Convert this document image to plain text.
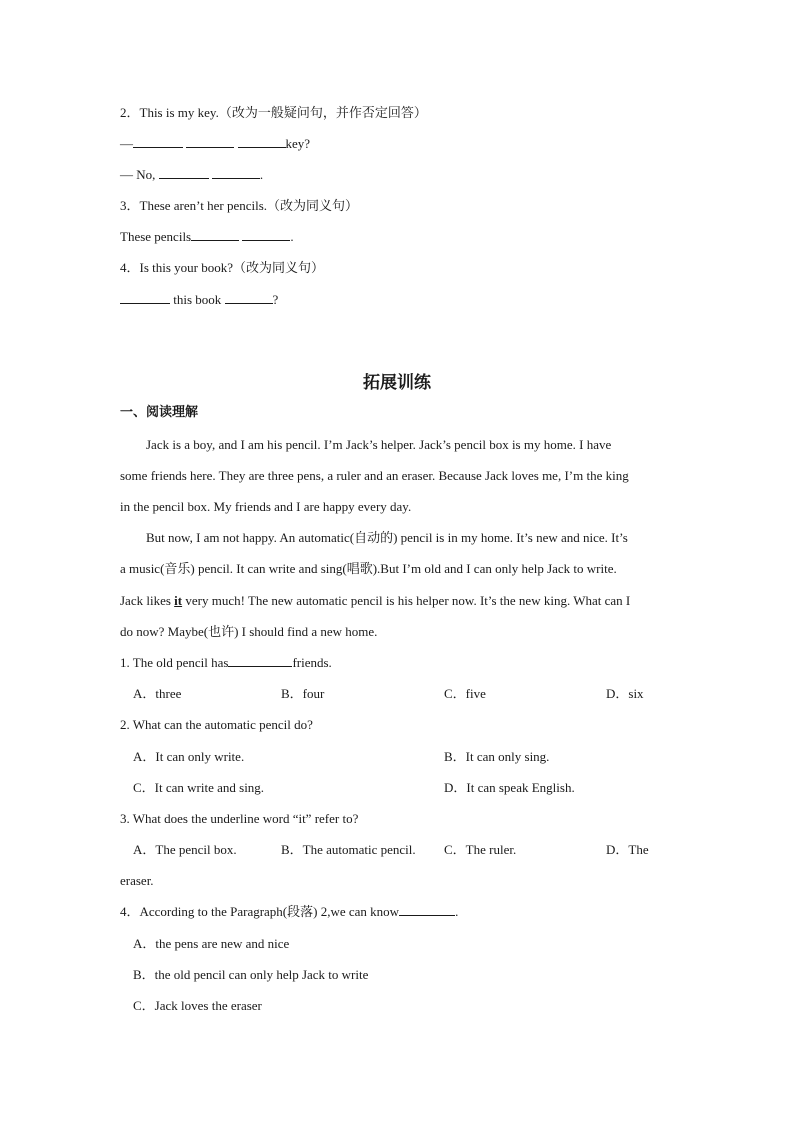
2．This is my key.（改为一般疑问句，并作否定回答）
—	key?
— No,	.
3．These aren’t her pencils.（改为同义句）
These pencils	.
4．Is this your book?（改为同义句）
this book	?
拓展训练
一、阅读理解
Jack is a boy, and I am his pencil. I’m Jack’s helper. Jack’s pencil box is my home. I have
some friends here. They are three pens, a ruler and an eraser. Because Jack loves me, I’m the king
in the pencil box. My friends and I are happy every day.
But now, I am not happy. An automatic(自动的) pencil is in my home. It’s new and nice. It’s
a music(音乐) pencil. It can write and sing(唱歌).But I’m old and I can only help Jack to write.
Jack likes it very much! The new automatic pencil is his helper now. It’s the new king. What can I
do now? Maybe(也许) I should find a new home.
1. The old pencil has	friends.
A．three	B．four	C．five	D．six
2. What can the automatic pencil do?
A．It can only write.	B．It can only sing.
C．It can write and sing.	D．It can speak English.
3. What does the underline word “it” refer to?
A．The pencil box.	B．The automatic pencil. C．The ruler.	D．The
eraser.
4．According to the Paragraph(段落) 2,we can know	.
A．the pens are new and nice
B．the old pencil can only help Jack to write
C．Jack loves the eraser
